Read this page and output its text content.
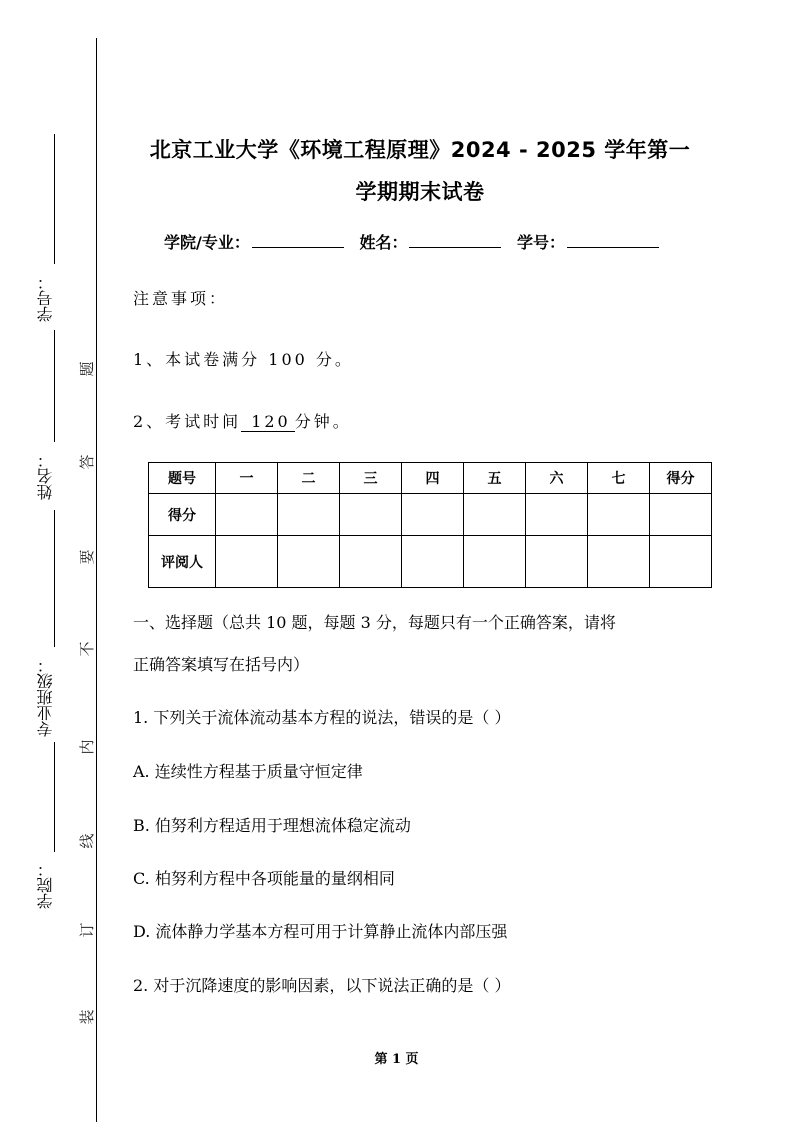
学号：
姓名：
专业班级：
学院：
题
答
要
不
内
线
订
装
北京工业大学《环境工程原理》2024 - 2025 学年第一
学期期末试卷
学院/专业：	姓名：	学号：
注意事项：
1、本试卷满分 100 分。
2、考试时间 120 分钟。
题号	一	二	三	四	五	六	七	得分
得分								
评阅人								
一、选择题（总共 10 题，每题 3 分，每题只有一个正确答案，请将
正确答案填写在括号内）
1. 下列关于流体流动基本方程的说法，错误的是（ ）
A. 连续性方程基于质量守恒定律
B. 伯努利方程适用于理想流体稳定流动
C. 柏努利方程中各项能量的量纲相同
D. 流体静力学基本方程可用于计算静止流体内部压强
2. 对于沉降速度的影响因素，以下说法正确的是（ ）
第 1 页
